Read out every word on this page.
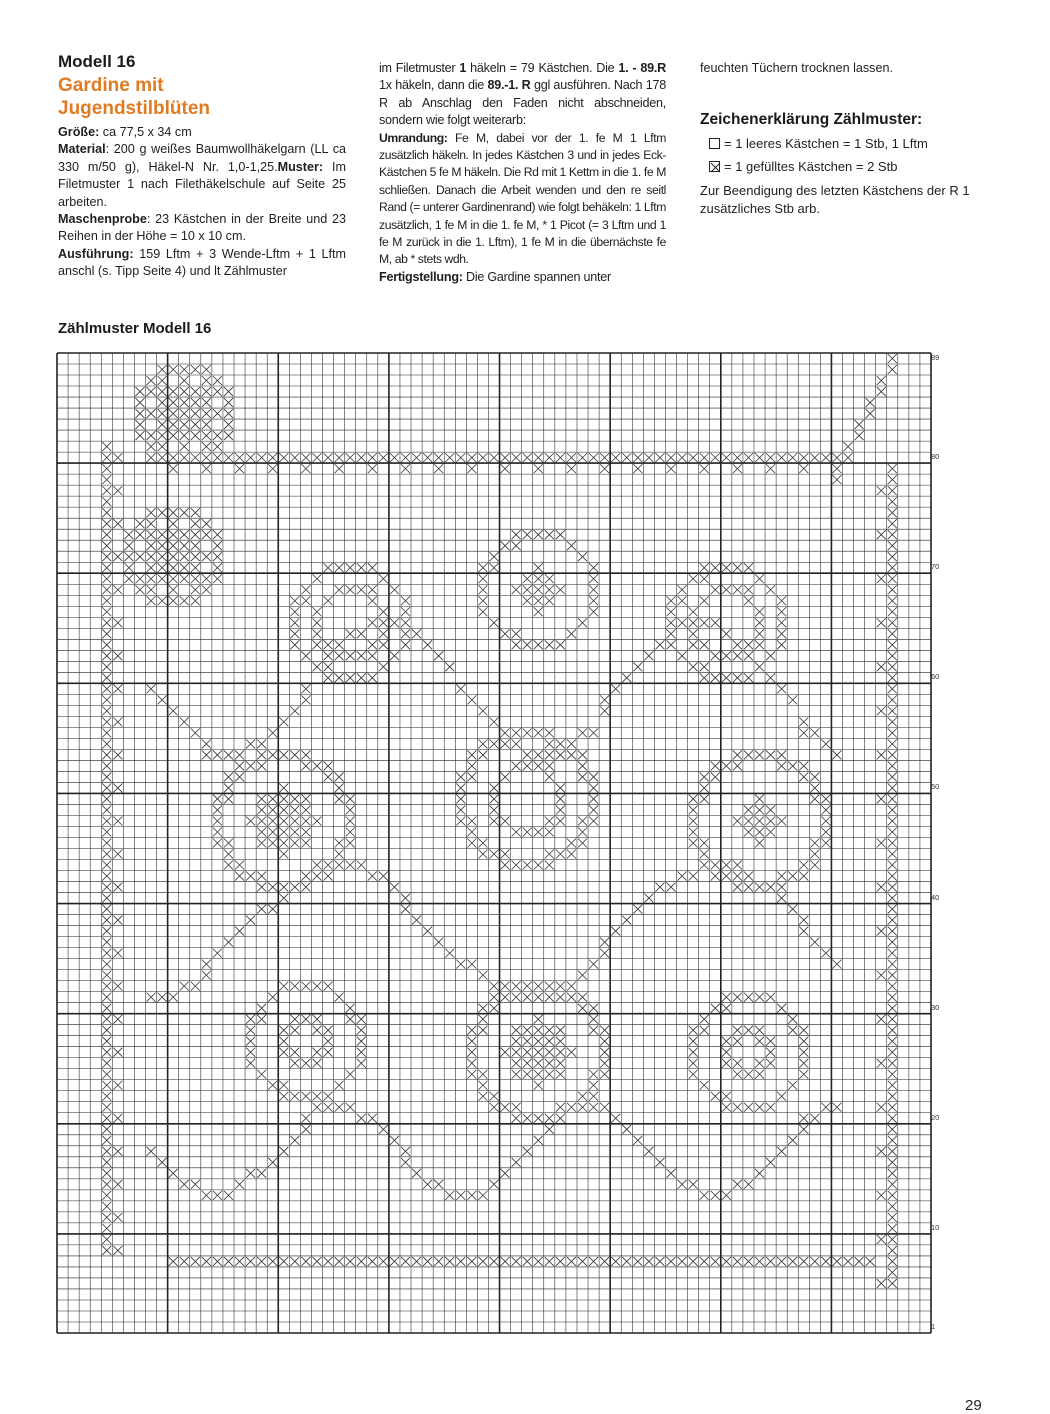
Modell 16

Gardine mit
Jugendstilblüten

Größe: ca 77,5 x 34 cm

Material: 200 g weißes Baumwollhäkelgarn (LL ca 330 m/50 g), Häkel-N Nr. 1,0-1,25.Muster: Im Filetmuster 1 nach Filethäkelschule auf Seite 25 arbeiten.

Maschenprobe: 23 Kästchen in der Breite und 23 Reihen in der Höhe = 10 x 10 cm.

Ausführung: 159 Lftm + 3 Wende-Lftm + 1 Lftm anschl (s. Tipp Seite 4) und lt Zählmuster

im Filetmuster 1 häkeln = 79 Kästchen. Die 1. - 89.R 1x häkeln, dann die 89.-1. R ggl ausführen. Nach 178 R ab Anschlag den Faden nicht abschneiden, sondern wie folgt weiterarb:

Umrandung: Fe M, dabei vor der 1. fe M 1 Lftm zusätzlich häkeln. In jedes Kästchen 3 und in jedes Eck-Kästchen 5 fe M häkeln. Die Rd mit 1 Kettm in die 1. fe M schließen. Danach die Arbeit wenden und den re seitl Rand (= unterer Gardinenrand) wie folgt behäkeln: 1 Lftm zusätzlich, 1 fe M in die 1. fe M, * 1 Picot (= 3 Lftm und 1 fe M zurück in die 1. Lftm), 1 fe M in die übernächste fe M, ab * stets wdh.

Fertigstellung: Die Gardine spannen unter

feuchten Tüchern trocknen lassen.

Zeichenerklärung Zählmuster:

= 1 leeres Kästchen = 1 Stb, 1 Lftm
= 1 gefülltes Kästchen = 2 Stb

Zur Beendigung des letzten Kästchens der R 1 zusätzliches Stb arb.

Zählmuster Modell 16

89
80
70
60
50
40
30
20
10
1

29
